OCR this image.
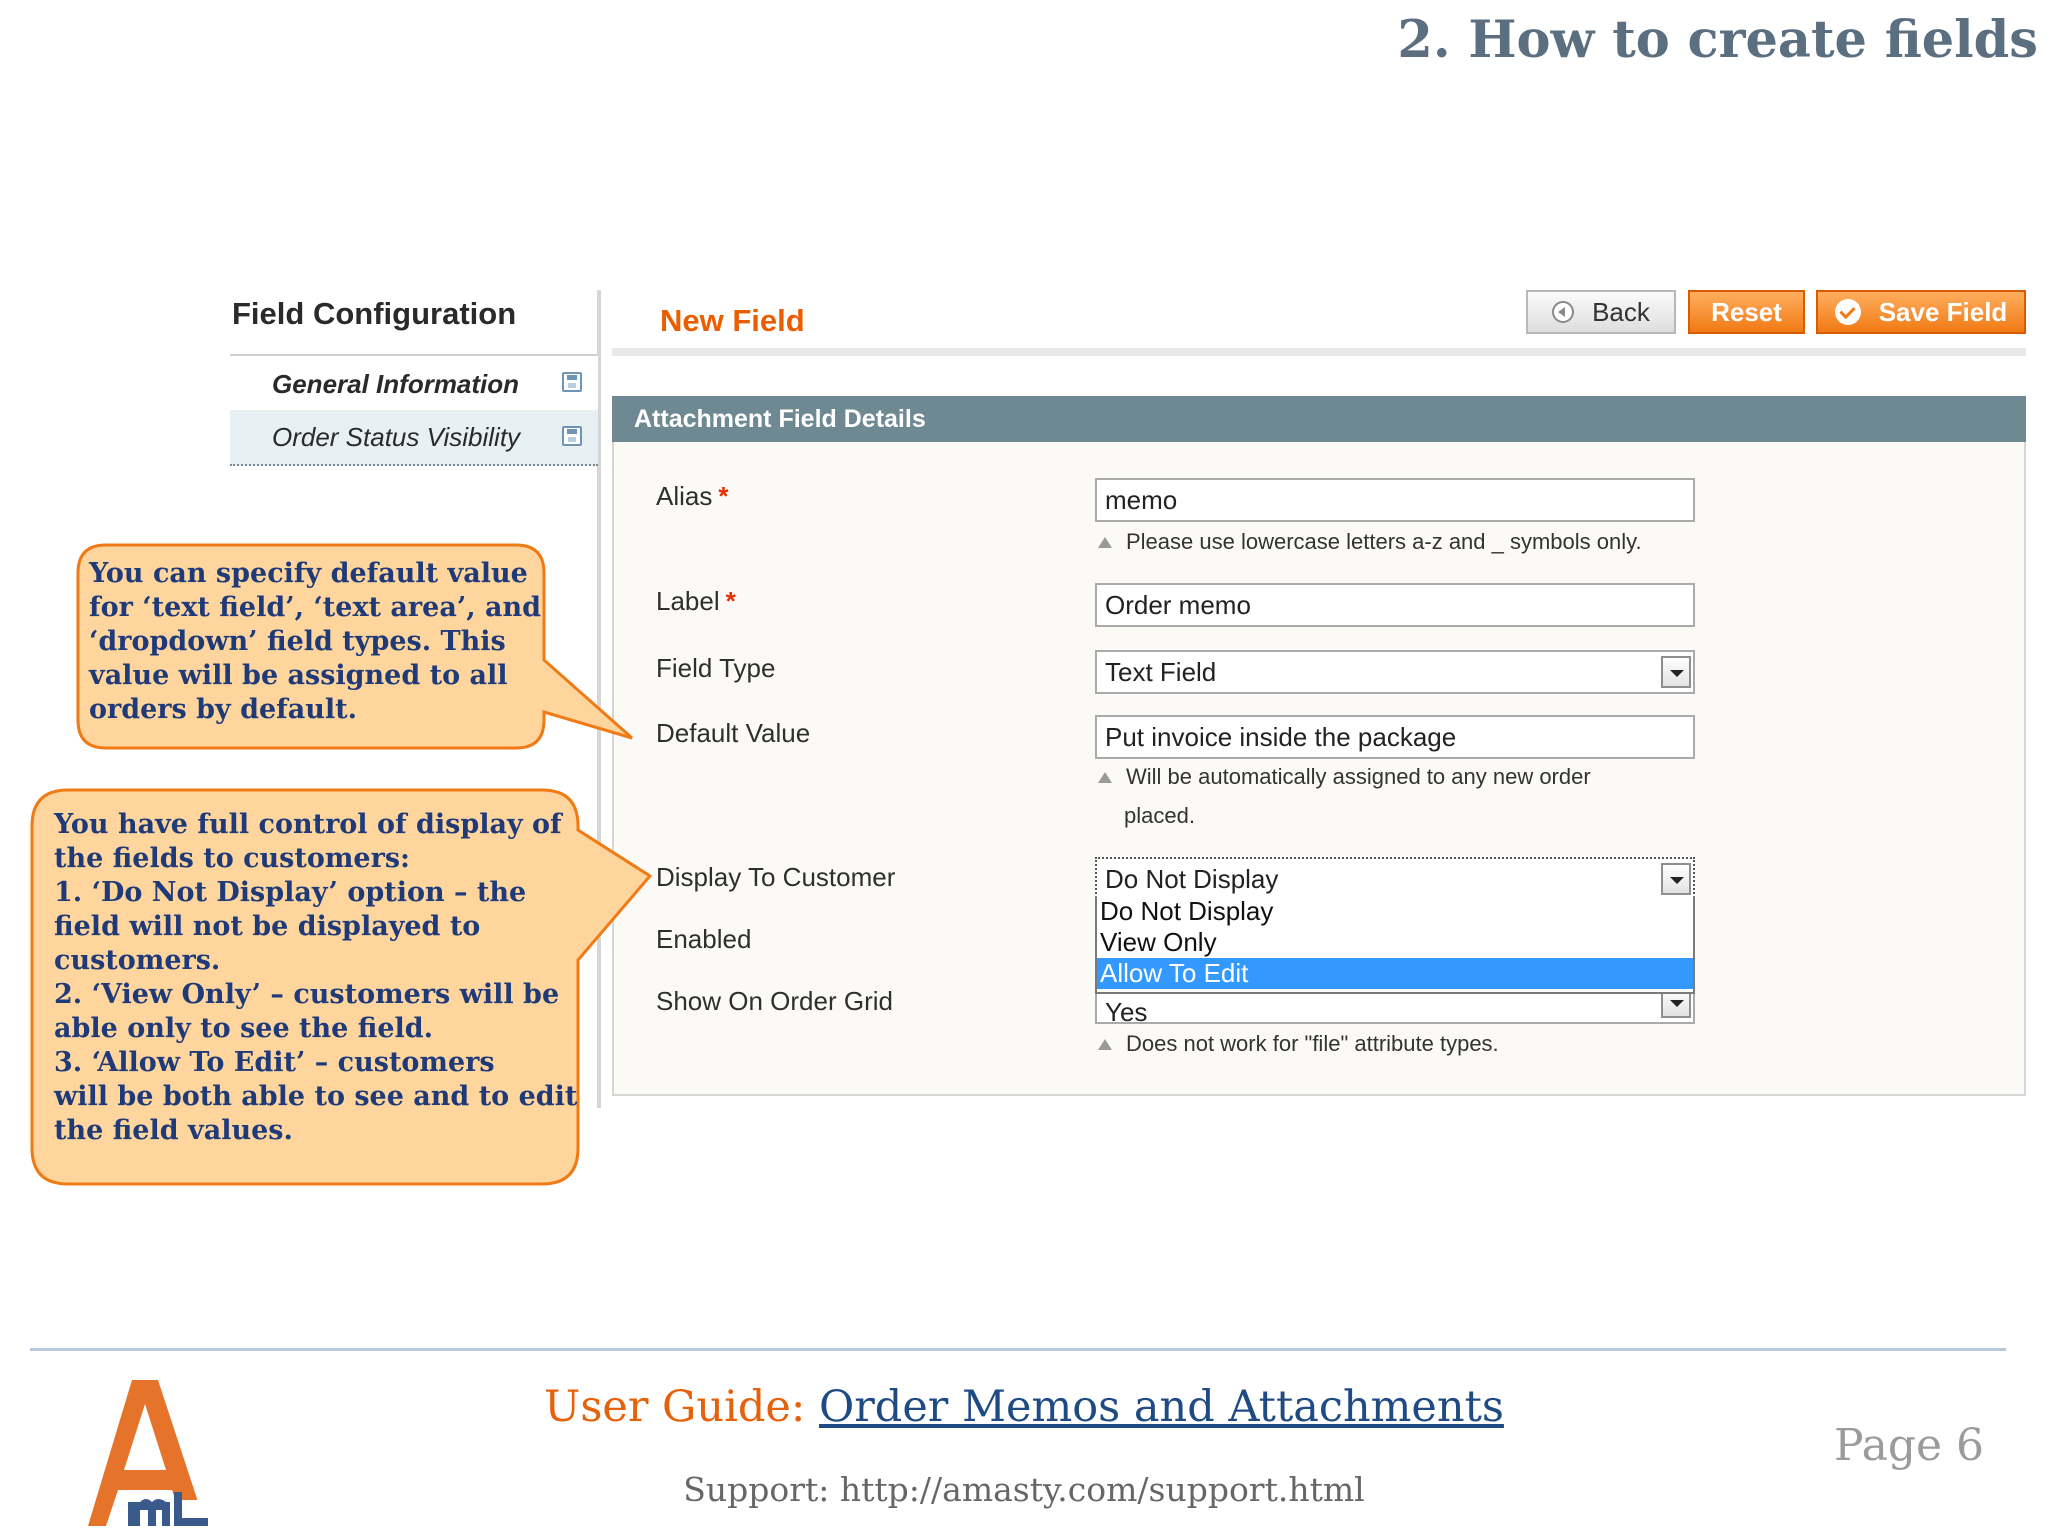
2. How to create fields
Field Configuration
General Information
Order Status Visibility
New Field	Back Reset	Save Field
Attachment Field Details
Alias *	memo
Please use lowercase letters a-z and _ symbols only.
Label *	Order memo
Field Type	Text Field
Default Value	Put invoice inside the package
Will be automatically assigned to any new order
placed.
Display To Customer	Do Not Display
Enabled
Show On Order Grid	Yes
Does not work for "file" attribute types.
Do Not Display
View Only
Allow To Edit
You can specify default value
for ‘text field’, ‘text area’, and
‘dropdown’ field types. This
value will be assigned to all
orders by default.
You have full control of display of
the fields to customers:
1. ‘Do Not Display’ option – the
field will not be displayed to
customers.
2. ‘View Only’ – customers will be
able only to see the field.
3. ‘Allow To Edit’ – customers
will be both able to see and to edit
the field values.
User Guide: Order Memos and Attachments
Support: http://amasty.com/support.html
Page 6
